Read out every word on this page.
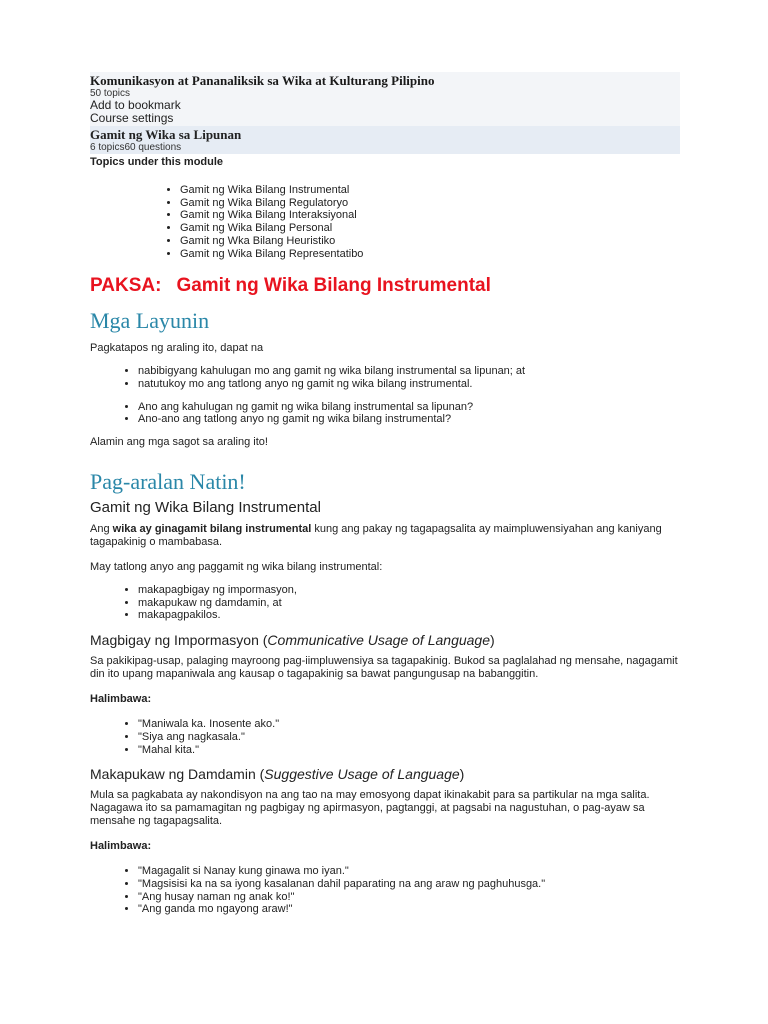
Komunikasyon at Pananaliksik sa Wika at Kulturang Pilipino
50 topics
Add to bookmark
Course settings
Gamit ng Wika sa Lipunan
6 topics60 questions
Topics under this module
• Gamit ng Wika Bilang Instrumental
• Gamit ng Wika Bilang Regulatoryo
• Gamit ng Wika Bilang Interaksiyonal
• Gamit ng Wika Bilang Personal
• Gamit ng Wka Bilang Heuristiko
• Gamit ng Wika Bilang Representatibo
PAKSA: Gamit ng Wika Bilang Instrumental
Mga Layunin

Pagkatapos ng araling ito, dapat na

• nabibigyang kahulugan mo ang gamit ng wika bilang instrumental sa lipunan; at
• natutukoy mo ang tatlong anyo ng gamit ng wika bilang instrumental.
• Ano ang kahulugan ng gamit ng wika bilang instrumental sa lipunan?
• Ano-ano ang tatlong anyo ng gamit ng wika bilang instrumental?

Alamin ang mga sagot sa araling ito!

Pag-aralan Natin!
Gamit ng Wika Bilang Instrumental

Ang wika ay ginagamit bilang instrumental kung ang pakay ng tagapagsalita ay maimpluwensiyahan ang kaniyang tagapakinig o mambabasa.

May tatlong anyo ang paggamit ng wika bilang instrumental:

• makapagbigay ng impormasyon,
• makapukaw ng damdamin, at
• makapagpakilos.
Magbigay ng Impormasyon (Communicative Usage of Language)

Sa pakikipag-usap, palaging mayroong pag-iimpluwensiya sa tagapakinig. Bukod sa paglalahad ng mensahe, nagagamit din ito upang mapaniwala ang kausap o tagapakinig sa bawat pangungusap na babanggitin.

Halimbawa:

• "Maniwala ka. Inosente ako."
• "Siya ang nagkasala."
• "Mahal kita."
Makapukaw ng Damdamin (Suggestive Usage of Language)

Mula sa pagkabata ay nakondisyon na ang tao na may emosyong dapat ikinakabit para sa partikular na mga salita. Nagagawa ito sa pamamagitan ng pagbigay ng apirmasyon, pagtanggi, at pagsabi na nagustuhan, o pag-ayaw sa mensahe ng tagapagsalita.

Halimbawa:

• "Magagalit si Nanay kung ginawa mo iyan."
• "Magsisisi ka na sa iyong kasalanan dahil paparating na ang araw ng paghuhusga."
• "Ang husay naman ng anak ko!"
• "Ang ganda mo ngayong araw!"
